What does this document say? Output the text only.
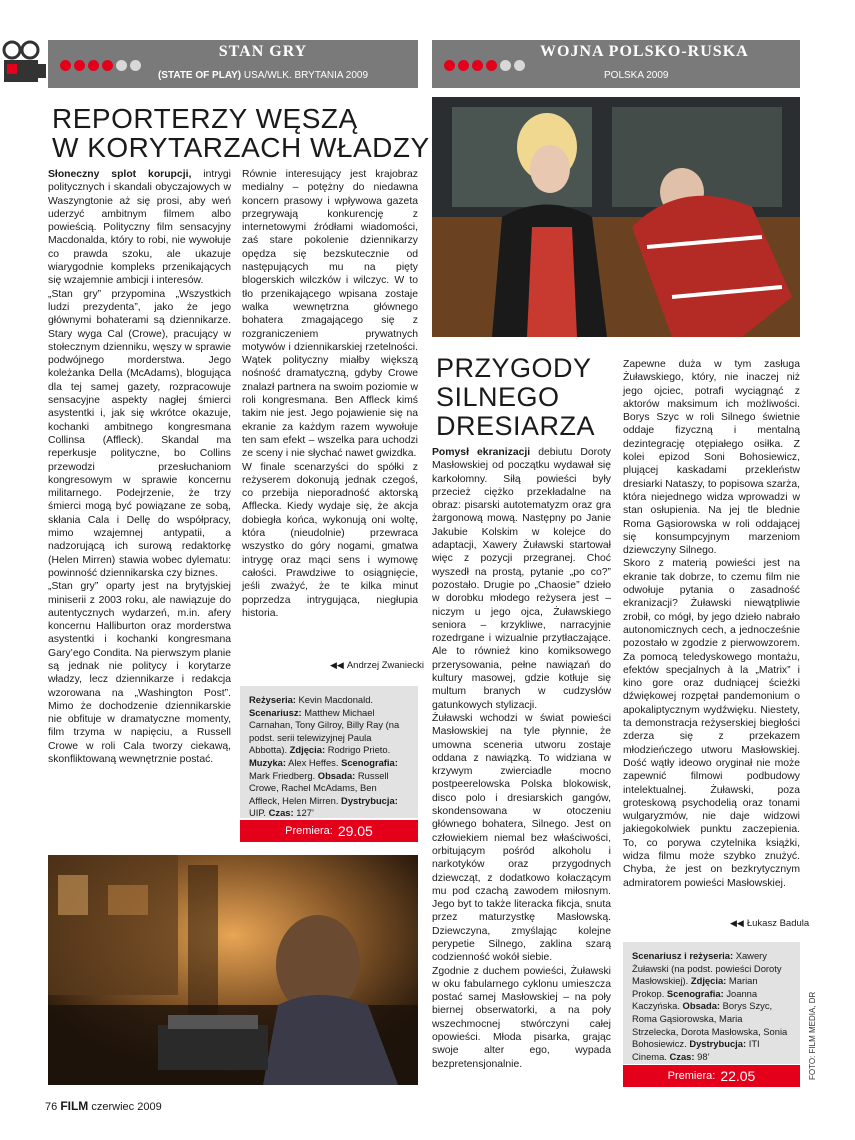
STAN GRY
(STATE OF PLAY) USA/WLK. BRYTANIA 2009
WOJNA POLSKO-RUSKA
POLSKA 2009
REPORTERZY WĘSZĄ
W KORYTARZACH WŁADZY

Słoneczny splot korupcji, intrygi politycznych i skandali obyczajowych w Waszyngtonie aż się prosi, aby weń uderzyć ambitnym filmem albo powieścią. Polityczny film sensacyjny Macdonalda, który to robi, nie wywołuje co prawda szoku, ale ukazuje wiarygodnie kompleks przenikających się wzajemnie ambicji i interesów.

„Stan gry” przypomina „Wszystkich ludzi prezydenta”, jako że jego głównymi bohaterami są dziennikarze. Stary wyga Cal (Crowe), pracujący w stołecznym dzienniku, węszy w sprawie podwójnego morderstwa. Jego koleżanka Della (McAdams), blogująca dla tej samej gazety, rozpracowuje sensacyjne aspekty nagłej śmierci asystentki i, jak się wkrótce okazuje, kochanki ambitnego kongresmana Collinsa (Affleck). Skandal ma reperkusje polityczne, bo Collins przewodzi przesłuchaniom kongresowym w sprawie koncernu militarnego. Podejrzenie, że trzy śmierci mogą być powiązane ze sobą, skłania Cala i Dellę do współpracy, mimo wzajemnej antypatii, a nadzorującą ich surową redaktorkę (Helen Mirren) stawia wobec dylematu: powinność dziennikarska czy biznes.

„Stan gry” oparty jest na brytyjskiej miniserii z 2003 roku, ale nawiązuje do autentycznych wydarzeń, m.in. afery koncernu Halliburton oraz morderstwa asystentki i kochanki kongresmana Gary’ego Condita. Na pierwszym planie są jednak nie politycy i korytarze władzy, lecz dziennikarze i redakcja wzorowana na „Washington Post”. Mimo że dochodzenie dziennikarskie nie obfituje w dramatyczne momenty, film trzyma w napięciu, a Russell Crowe w roli Cala tworzy ciekawą, skonfliktowaną wewnętrznie postać.

Równie interesujący jest krajobraz medialny – potężny do niedawna koncern prasowy i wpływowa gazeta przegrywają konkurencję z internetowymi źródłami wiadomości, zaś stare pokolenie dziennikarzy opędza się bezskutecznie od następujących mu na pięty blogerskich wilczków i wilczyc. W to tło przenikającego wpisana zostaje walka wewnętrzna głównego bohatera zmagającego się z rozgraniczeniem prywatnych motywów i dziennikarskiej rzetelności. Wątek polityczny miałby większą nośność dramatyczną, gdyby Crowe znalazł partnera na swoim poziomie w roli kongresmana. Ben Affleck kimś takim nie jest. Jego pojawienie się na ekranie za każdym razem wywołuje ten sam efekt – wszelka para uchodzi ze sceny i nie słychać nawet gwizdka.

W finale scenarzyści do spółki z reżyserem dokonują jednak czegoś, co przebija nieporadność aktorską Afflecka. Kiedy wydaje się, że akcja dobiegła końca, wykonują oni woltę, która (nieudolnie) przewraca wszystko do góry nogami, gmatwa intrygę oraz mąci sens i wymowę całości. Prawdziwe to osiągnięcie, jeśli zważyć, że te kilka minut poprzedza intrygująca, niegłupia historia.

◀◀ Andrzej Zwaniecki
Reżyseria: Kevin Macdonald. Scenariusz: Matthew Michael Carnahan, Tony Gilroy, Billy Ray (na podst. serii telewizyjnej Paula Abbotta). Zdjęcia: Rodrigo Prieto. Muzyka: Alex Heffes. Scenografia: Mark Friedberg. Obsada: Russell Crowe, Rachel McAdams, Ben Affleck, Helen Mirren. Dystrybucja: UIP. Czas: 127’
Premiera: 29.05
PRZYGODY
SILNEGO
DRESIARZA

Pomysł ekranizacji debiutu Doroty Masłowskiej od początku wydawał się karkołomny. Siłą powieści były przecież ciężko przekładalne na obraz: pisarski autotematyzm oraz gra żargonową mową. Następny po Janie Jakubie Kolskim w kolejce do adaptacji, Xawery Żuławski startował więc z pozycji przegranej. Choć wyszedł na prostą, pytanie „po co?” pozostało. Drugie po „Chaosie” dzieło w dorobku młodego reżysera jest – niczym u jego ojca, Żuławskiego seniora – krzykliwe, narracyjnie rozedrgane i wizualnie przytłaczające. Ale to również kino komiksowego przerysowania, pełne nawiązań do kultury masowej, gdzie kotłuje się multum branych w cudzysłów gatunkowych stylizacji.

Żuławski wchodzi w świat powieści Masłowskiej na tyle płynnie, że umowna sceneria utworu zostaje oddana z nawiązką. To widziana w krzywym zwierciadle mocno postpeerelowska Polska blokowisk, disco polo i dresiarskich gangów, skondensowana w otoczeniu głównego bohatera, Silnego. Jest on człowiekiem niemal bez właściwości, orbitującym pośród alkoholu i narkotyków oraz przygodnych dziewcząt, z dodatkowo kołaczącym mu pod czachą zawodem miłosnym. Jego byt to także literacka fikcja, snuta przez maturzystkę Masłowską. Dziewczyna, zmyślając kolejne perypetie Silnego, zaklina szarą codzienność wokół siebie.

Zgodnie z duchem powieści, Żuławski w oku fabularnego cyklonu umieszcza postać samej Masłowskiej – na poły biernej obserwatorki, a na poły wszechmocnej stwórczyni całej opowieści. Młoda pisarka, grając swoje alter ego, wypada bezpretensjonalnie.

Zapewne duża w tym zasługa Żuławskiego, który, nie inaczej niż jego ojciec, potrafi wyciągnąć z aktorów maksimum ich możliwości. Borys Szyc w roli Silnego świetnie oddaje fizyczną i mentalną dezintegrację otępiałego osiłka. Z kolei epizod Soni Bohosiewicz, plującej kaskadami przekleństw dresiarki Nataszy, to popisowa szarża, która niejednego widza wprowadzi w stan osłupienia. Na jej tle blednie Roma Gąsiorowska w roli oddającej się konsumpcyjnym marzeniom dziewczyny Silnego.

Skoro z materią powieści jest na ekranie tak dobrze, to czemu film nie odwołuje pytania o zasadność ekranizacji? Żuławski niewątpliwie zrobił, co mógł, by jego dzieło nabrało autonomicznych cech, a jednocześnie pozostało w zgodzie z pierwowzorem. Za pomocą teledyskowego montażu, efektów specjalnych à la „Matrix” i kino gore oraz dudniącej ścieżki dźwiękowej rozpętał pandemonium o apokaliptycznym wydźwięku. Niestety, ta demonstracja reżyserskiej biegłości zderza się z przekazem młodzieńczego utworu Masłowskiej. Dość wątły ideowo oryginał nie może zapewnić filmowi podbudowy intelektualnej. Żuławski, poza groteskową psychodelią oraz tonami wulgaryzmów, nie daje widzowi jakiegokolwiek punktu zaczepienia. To, co porywa czytelnika książki, widza filmu może szybko znużyć. Chyba, że jest on bezkrytycznym admiratorem powieści Masłowskiej.

◀◀ Łukasz Badula
Scenariusz i reżyseria: Xawery Żuławski (na podst. powieści Doroty Masłowskiej). Zdjęcia: Marian Prokop. Scenografia: Joanna Kaczyńska. Obsada: Borys Szyc, Roma Gąsiorowska, Maria Strzelecka, Dorota Masłowska, Sonia Bohosiewicz. Dystrybucja: ITI Cinema. Czas: 98’
Premiera: 22.05	FOTO: FILM MEDIA, DR
76 FILM czerwiec 2009
